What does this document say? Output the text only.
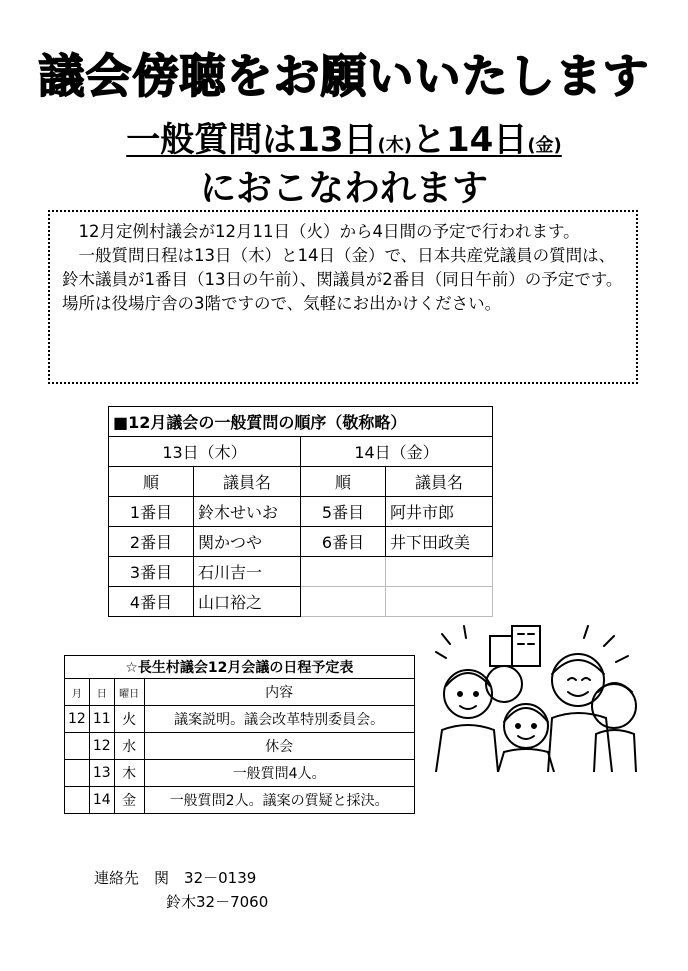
議会傍聴をお願いいたします
一般質問は13日(木)と14日(金)
におこなわれます

12月定例村議会が12月11日（火）から4日間の予定で行われます。

一般質問日程は13日（木）と14日（金）で、日本共産党議員の質問は、鈴木議員が1番目（13日の午前）、関議員が2番目（同日午前）の予定です。場所は役場庁舎の3階ですので、気軽にお出かけください。

■12月議会の一般質問の順序（敬称略）			
13日（木）		14日（金）	
順	議員名	順	議員名
1番目	鈴木せいお	5番目	阿井市郎
2番目	関かつや	6番目	井下田政美
3番目	石川吉一		
4番目	山口裕之		
☆長生村議会12月会議の日程予定表			
月	日	曜日	内容
12	11	火	議案説明。議会改革特別委員会。
	12	水	休会
	13	木	一般質問4人。
	14	金	一般質問2人。議案の質疑と採決。
連絡先　 関　32－0139
鈴木32－7060
